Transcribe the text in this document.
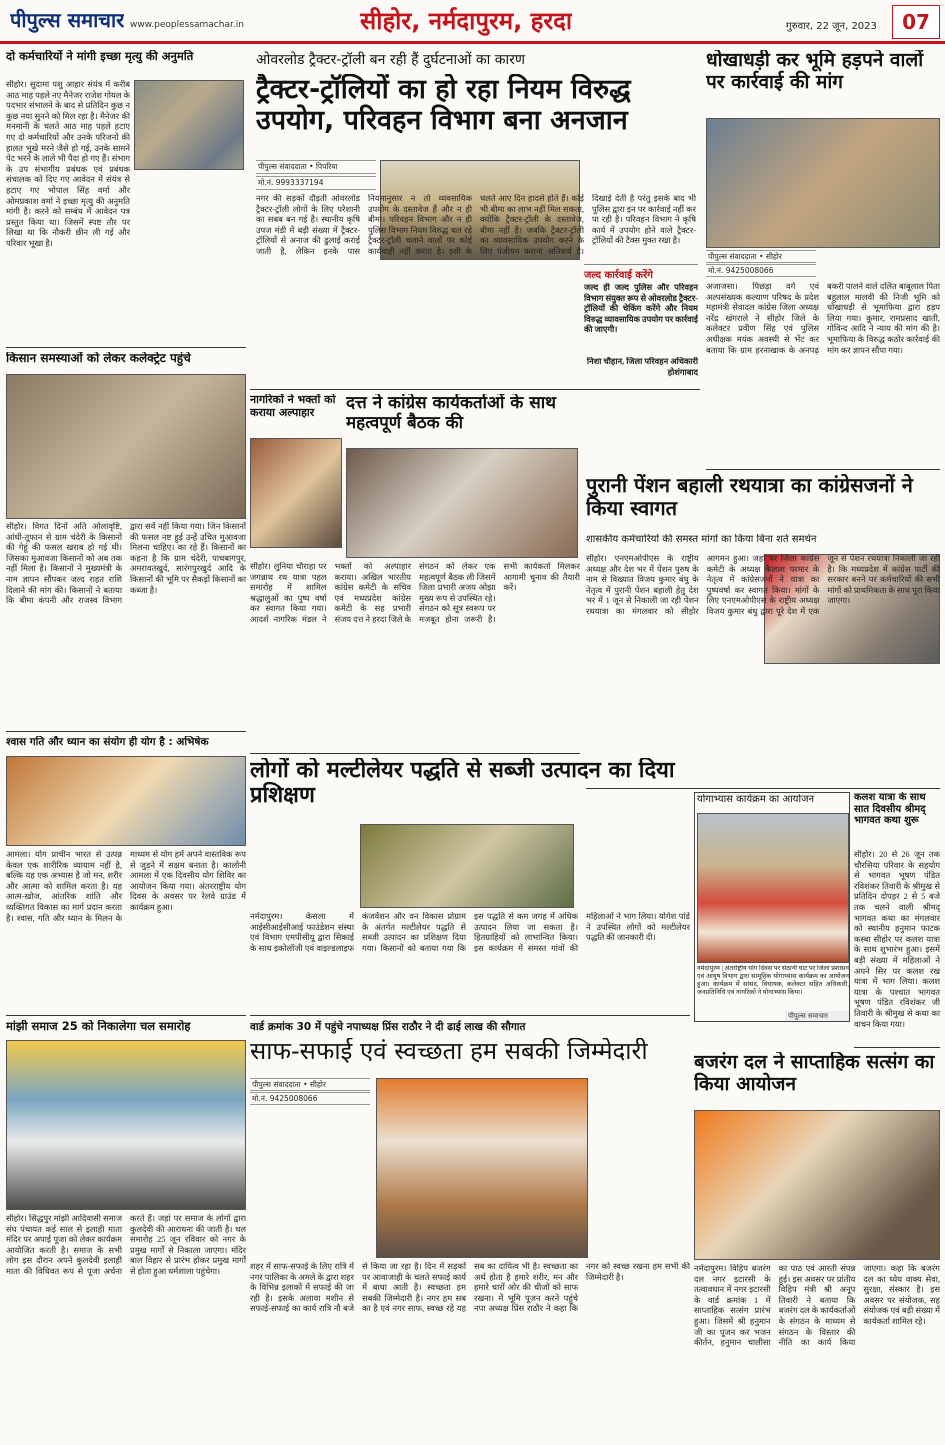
पीपुल्स समाचार www.peoplessamachar.in	सीहोर, नर्मदापुरम, हरदा	गुरुवार, 22 जून, 2023	07
दो कर्मचारियों ने मांगी इच्छा मृत्यु की अनुमति
सीहोर। सुदामा पशु आहार संयंत्र में करीब आठ माह पहले नए मैनेजर राजेश गोयल के पदभार संभालने के बाद से प्रतिदिन कुछ न कुछ नया सुनने को मिल रहा है। मैनेजर की मनमानी के चलते आठ माह पहले हटाए गए दो कर्मचारियों और उनके परिजनों की हालत भूखे मरने जैसे हो गई, उनके सामने पेट भरने के लाले भी पैदा हो गए हैं। संभाग के उप संभागीय प्रबंधक एवं प्रबंधक संचालक को दिए गए आवेदन में संयंत्र से हटाए गए भोपाल सिंह वर्मा और ओमप्रकाश वर्मा ने इच्छा मृत्यु की अनुमति मांगी है। करने को सम्बंध में आवेदन पत्र प्रस्तुत किया था। जिसमें स्पष्ट तौर पर लिखा था कि नौकरी छीन ली गई और परिवार भूखा है।
ओवरलोड ट्रैक्टर-ट्रॉली बन रही हैं दुर्घटनाओं का कारण
ट्रैक्टर-ट्रॉलियों का हो रहा नियम विरुद्ध उपयोग, परिवहन विभाग बना अनजान
पीपुल्स संवाददाता • पिपरिया
मो.नं. 9993337194
नगर की सड़कों दौड़ती ओवरलोड ट्रैक्टर-ट्रॉली लोगों के लिए परेशानी का सबब बन गई है। स्थानीय कृषि उपज मंडी में बड़ी संख्या में ट्रैक्टर-ट्रॉलियों से अनाज की ढुलाई कराई जाती है, लेकिन इनके पास नियमानुसार न तो व्यवसायिक उपयोग के दस्तावेज हैं और न ही बीमा। परिवहन विभाग और न ही पुलिस विभाग नियम विरुद्ध चल रहे ट्रैक्टर-ट्रॉली चलाने वालों पर कोई कार्यवाही नहीं करता है। इसी के चलते आए दिन हादसे होते हैं। कोई भी बीमा का लाभ नहीं मिल सकता, क्योंकि ट्रैक्टर-ट्रॉली के दस्तावेज, बीमा नहीं है। जबकि ट्रैक्टर-ट्रॉली का व्यावसायिक उपयोग करने के लिए पंजीयन कराना अनिवार्य है। दिखाई देती है परंतु इसके बाद भी पुलिस द्वारा इन पर कार्रवाई नहीं कर पा रही है। परिवहन विभाग ने कृषि कार्य में उपयोग होने वाले ट्रैक्टर-ट्रॉलियों की टैक्स मुक्त रखा है।
जल्द कार्रवाई करेंगे
जल्द ही जल्द पुलिस और परिवहन विभाग संयुक्त रूप से ओवरलोड ट्रैक्टर-ट्रॉलियों की चेकिंग करेंगे और नियम विरुद्ध व्यावसायिक उपयोग पर कार्रवाई की जाएगी।
निशा चौहान, जिला परिवहन अधिकारी होशंगाबाद
धोखाधड़ी कर भूमि हड़पने वालों पर कार्रवाई की मांग
पीपुल्स संवाददाता • सीहोर
मो.नं. 9425008066
अजाजसा। पिछड़ा वर्ग एवं अल्पसंख्यक कल्याण परिषद के प्रदेश महामंत्री सेवादल कांग्रेस जिला अध्यक्ष नरेंद्र खंगराले ने सीहोर जिले के कलेक्टर प्रवीण सिंह एवं पुलिस अधीक्षक मयंक अवस्थी से भेंट कर बताया कि ग्राम हरनाखाक के अनपढ़ बकरी पालने वाले दलित बाबूलाल पिता बहुलाल मालवी की निजी भूमि को धोखाधड़ी से भूमाफिया द्वारा हड़प लिया गया। कुमार, रामप्रसाद खाती, गोविन्द आदि ने न्याय की मांग की है। भूमाफिया के विरुद्ध कठोर कार्रवाई की मांग कर ज्ञापन सौंपा गया।
किसान समस्याओं को लेकर कलेक्ट्रेट पहुंचे
सीहोर। विगत दिनों अति ओलावृष्टि, आंधी-तूफान से ग्राम चंदेरी के किसानों की गेहूं की फसल खराब हो गई थी। जिसका मुआवजा किसानों को अब तक नहीं मिला है। किसानों ने मुख्यमंत्री के नाम ज्ञापन सौंपकर जल्द राहत राशि दिलाने की मांग की। किसानों ने बताया कि बीमा कंपनी और राजस्व विभाग द्वारा सर्वे नहीं किया गया। जिन किसानों की फसल नष्ट हुई उन्हें उचित मुआवजा मिलना चाहिए। का रहे हैं। किसानों का कहना है कि ग्राम चंदेरी, पाचबागपुर, अमरावतखुर्द, सारंगपुरखुर्द आदि के किसानों की भूमि पर सैकड़ों किसानों का कब्जा है।
नागरिकों ने भक्तों को कराया अल्पाहार	दत्त ने कांग्रेस कार्यकर्ताओं के साथ महत्वपूर्ण बैठक की
सीहोर। लुनिया चौराहा पर जगन्नाथ रथ यात्रा पहल समारोह में शामिल श्रद्धालुओं का पुष्प वर्षा कर स्वागत किया गया। आदर्श नागरिक मंडल ने भक्तों को अल्पाहार कराया। अखिल भारतीय कांग्रेस कमेटी के सचिव एवं मध्यप्रदेश कांग्रेस कमेटी के सह प्रभारी संजय दत्त ने हरदा जिले के संगठन को लेकर एक महत्वपूर्ण बैठक ली जिसमें जिला प्रभारी अजय ओझा मुख्य रूप से उपस्थित रहे। संगठन को सूत्र स्वरूप पर मजबूत होना जरूरी है। सभी कार्यकर्ता मिलकर आगामी चुनाव की तैयारी करें।
पुरानी पेंशन बहाली रथयात्रा का कांग्रेसजनों ने किया स्वागत
शासकीय कर्मचारियों की समस्त मांगों का किया बिना शर्त समर्थन
सीहोर। एनएमओपीएस के राष्ट्रीय अध्यक्ष और देश भर में पेंशन पुरुष के नाम से विख्यात विजय कुमार बंधु के नेतृत्व में पुरानी पेंशन बहाली हेतु देश भर में 1 जून से निकाली जा रही पेंशन रथयात्रा का मंगलवार को सीहोर आगमन हुआ। जहां पर जिला कांग्रेस कमेटी के अध्यक्ष कैलाश परमार के नेतृत्व में कांग्रेसजनों ने यात्रा का पुष्पवर्षा कर स्वागत किया। मांगों के लिए एनएमओपीएस के राष्ट्रीय अध्यक्ष विजय कुमार बंधु द्वारा पूरे देश में एक जून से पेंशन रथयात्रा निकाली जा रही है। कि मध्यप्रदेश में कांग्रेस पार्टी की सरकार बनने पर कर्मचारियों की सभी मांगों को प्राथमिकता के साथ पूरा किया जाएगा।
श्वास गति और ध्यान का संयोग ही योग है : अभिषेक
आमला। योग प्राचीन भारत से उत्पन्न केवल एक शारीरिक व्यायाम नहीं है, बल्कि यह एक अभ्यास है जो मन, शरीर और आत्मा को शामिल करता है। यह आत्म-खोज, आंतरिक शांति और व्यक्तिगत विकास का मार्ग प्रदान करता है। श्वास, गति और ध्यान के मिलन के माध्यम से योग हमें अपने वास्तविक रूप से जुड़ने में सक्षम बनाता है। कालोनी आमला में एक दिवसीय योग शिविर का आयोजन किया गया। अंतरराष्ट्रीय योग दिवस के अवसर पर रेलवे ग्राउंड में कार्यक्रम हुआ।
लोगों को मल्टीलेयर पद्धति से सब्जी उत्पादन का दिया प्रशिक्षण
नर्मदापुरम। केसला में आईसीआईसीआई फाउंडेशन संस्था एवं विभाग एमपीसीयू द्वारा सिकाई के साथ इकोलॉजी एवं वाइल्डलाइफ कंजर्वेशन और वन विकास प्रोग्राम के अंतर्गत मल्टीलेयर पद्धति से सब्जी उत्पादन का प्रशिक्षण दिया गया। किसानों को बताया गया कि इस पद्धति से कम जगह में अधिक उत्पादन लिया जा सकता है। हितग्राहियों को लाभान्वित किया। इस कार्यक्रम में समस्त गांवों की महिलाओं ने भाग लिया। योगेश पांडे ने उपस्थित लोगों को मल्टीलेयर पद्धति की जानकारी दी।
योगाभ्यास कार्यक्रम का आयोजन
नर्मदापुरम | अंतर्राष्ट्रीय योग दिवस पर सेठानी घाट पर जिला प्रशासन एवं आयुष विभाग द्वारा सामूहिक योगाभ्यास कार्यक्रम का आयोजन हुआ। कार्यक्रम में सांसद, विधायक, कलेक्टर सहित अधिकारी, जनप्रतिनिधि एवं नागरिकों ने योगाभ्यास किया।
पीपुल्स समाचार
कलश यात्रा के साथ सात दिवसीय श्रीमद् भागवत कथा शुरू
सीहोर। 20 से 26 जून तक चौरसिया परिवार के सहयोग से भागवत भूषण पंडित रविशंकर तिवारी के श्रीमुख से प्रतिदिन दोपहर 2 से 5 बजे तक चलने वाली श्रीमद् भागवत कथा का मंगलवार को स्थानीय हनुमान फाटक कस्बा सीहोर पर कलश यात्रा के साथ शुभारंभ हुआ। इसमें बड़ी संख्या में महिलाओं ने अपने सिर पर कलश रख यात्रा में भाग लिया। कलश यात्रा के पश्चात भागवत भूषण पंडित रविशंकर जी तिवारी के श्रीमुख से कथा का वाचन किया गया।
मांझी समाज 25 को निकालेगा चल समारोह
सीहोर। सिद्धपुर मांझी आदिवासी समाज संघ पंचायत कई साल से इलाही माता मंदिर पर अपाई पूजा को लेकर कार्यक्रम आयोजित करती है। समाज के सभी लोग इस दौरान अपने कुलदेवी इलाही माता की विधिवत रूप से पूजा अर्चना करते हैं। जहां पर समाज के लोगों द्वारा कुलदेवी की आराधना की जाती है। चल समारोह 25 जून रविवार को नगर के प्रमुख मार्गों से निकाला जाएगा। मंदिर बाल विहार से प्रारंभ होकर प्रमुख मार्गों से होता हुआ धर्मशाला पहुंचेगा।
वार्ड क्रमांक 30 में पहुंचे नपाध्यक्ष प्रिंस राठौर ने दी ढाई लाख की सौगात
साफ-सफाई एवं स्वच्छता हम सबकी जिम्मेदारी
पीपुल्स संवाददाता • सीहोर
मो.नं. 9425008066
शहर में साफ-सफाई के लिए रात्रि में नगर पालिका के अमले के द्वारा शहर के विभिन्न इलाकों में सफाई की जा रही है। इसके अलावा मशीन से सफाई-सफाई का कार्य रात्रि नौ बजे से किया जा रहा है। दिन में सड़कों पर आवाजाही के चलते सफाई कार्य में बाधा आती है। स्वच्छता हम सबकी जिम्मेदारी है। नगर हम सब का है एवं नगर साफ, स्वच्छ रहे यह सब का दायित्व भी है। स्वच्छता का अर्थ होता है हमारे शरीर, मन और हमारे चारों ओर की चीजों को साफ रखना। में भूमि पूजन करने पहुंचे नपा अध्यक्ष प्रिंस राठौर ने कहा कि नगर को स्वच्छ रखना हम सभी की जिम्मेदारी है।
बजरंग दल ने साप्ताहिक सत्संग का किया आयोजन
नर्मदापुरम। विहिप बजरंग दल नगर इटारसी के तत्वावधान में नगर इटारसी के वार्ड क्रमांक 1 में साप्ताहिक सत्संग प्रारंभ हुआ। जिसमें श्री हनुमान जी का पूजन कर भजन कीर्तन, हनुमान चालीसा का पाठ एवं आरती संपन्न हुई। इस अवसर पर प्रांतीय विहिप मंत्री श्री अनूप तिवारी ने बताया कि बजरंग दल के कार्यकर्ताओं के संगठन के माध्यम से संगठन के विस्तार की नीति का कार्य किया जाएगा। कहा कि बजरंग दल का ध्येय वाक्य सेवा, सुरक्षा, संस्कार है। इस अवसर पर संयोजक, सह संयोजक एवं बड़ी संख्या में कार्यकर्ता शामिल रहे।
